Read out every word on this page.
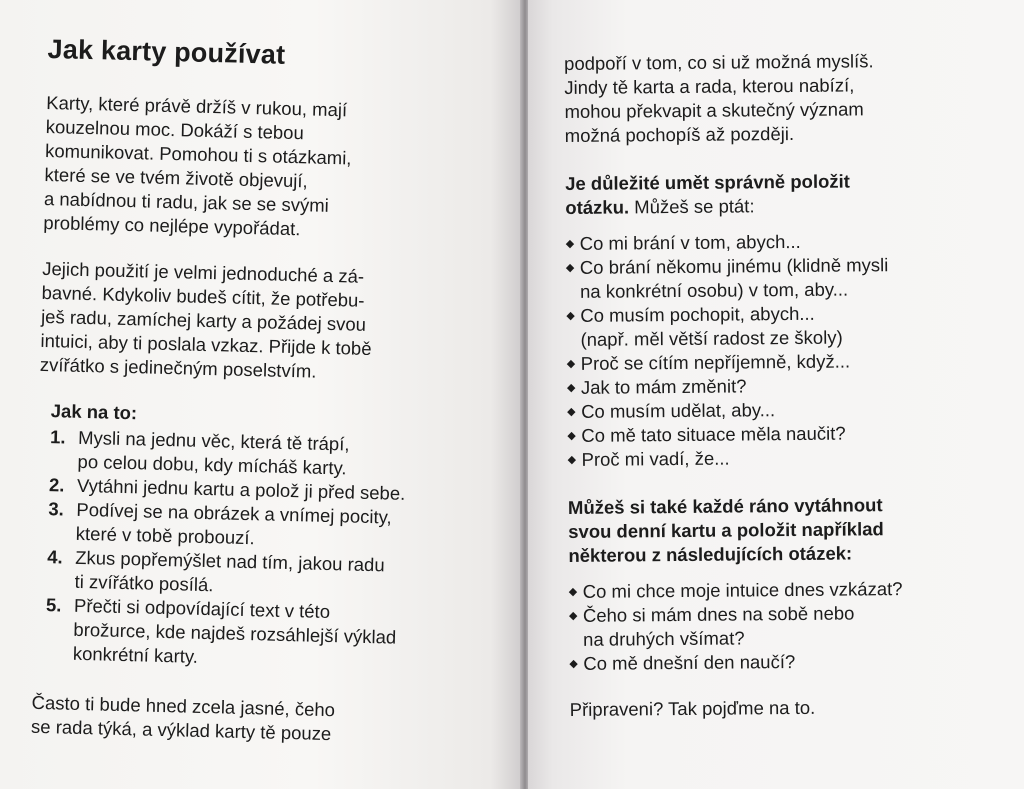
Jak karty používat

Karty, které právě držíš v rukou, mají

kouzelnou moc. Dokáží s tebou

komunikovat. Pomohou ti s otázkami,

které se ve tvém životě objevují,

a nabídnou ti radu, jak se se svými

problémy co nejlépe vypořádat.

Jejich použití je velmi jednoduché a zá-

bavné. Kdykoliv budeš cítit, že potřebu-

ješ radu, zamíchej karty a požádej svou

intuici, aby ti poslala vzkaz. Přijde k tobě

zvířátko s jedinečným poselstvím.

Jak na to:
1. Mysli na jednu věc, která tě trápí,

po celou dobu, kdy mícháš karty.

2. Vytáhni jednu kartu a polož ji před sebe.

3. Podívej se na obrázek a vnímej pocity,

které v tobě probouzí.

4. Zkus popřemýšlet nad tím, jakou radu

ti zvířátko posílá.

5. Přečti si odpovídající text v této

brožurce, kde najdeš rozsáhlejší výklad

konkrétní karty.

Často ti bude hned zcela jasné, čeho

se rada týká, a výklad karty tě pouze

podpoří v tom, co si už možná myslíš.

Jindy tě karta a rada, kterou nabízí,

mohou překvapit a skutečný význam

možná pochopíš až později.

Je důležité umět správně položit

otázku. Můžeš se ptát:

◆ Co mi brání v tom, abych...

◆ Co brání někomu jinému (klidně mysli

na konkrétní osobu) v tom, aby...

◆ Co musím pochopit, abych...

(např. měl větší radost ze školy)

◆ Proč se cítím nepříjemně, když...

◆ Jak to mám změnit?

◆ Co musím udělat, aby...

◆ Co mě tato situace měla naučit?

◆ Proč mi vadí, že...

Můžeš si také každé ráno vytáhnout

svou denní kartu a položit například

některou z následujících otázek:

◆ Co mi chce moje intuice dnes vzkázat?

◆ Čeho si mám dnes na sobě nebo

na druhých všímat?

◆ Co mě dnešní den naučí?

Připraveni? Tak pojďme na to.
